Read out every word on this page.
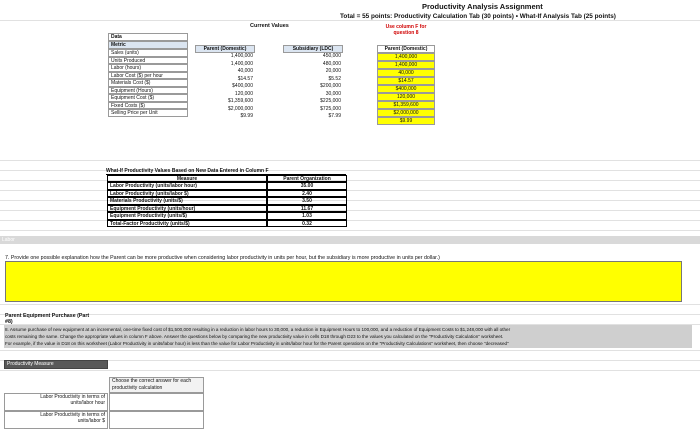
Productivity Analysis Assignment
Total = 55 points: Productivity Calculation Tab (30 points) • What-If Analysis Tab (25 points)
Current Values
Data
Metric
Parent (Domestic)	Subsidiary (LDC)
Sales (units)	1,400,000	450,000
Units Produced	1,400,000	480,000
Labor (hours)	40,000	20,000
Labor Cost ($) per hour	$14.57	$5.52
Materials Cost ($)	$400,000	$200,000
Equipment (Hours)	120,000	30,000
Equipment Cost ($)	$1,359,600	$225,000
Fixed Costs ($)	$2,000,000	$725,000
Selling Price per Unit	$9.99	$7.99
Use column F for
question 8
Parent (Domestic)
1,400,000
1,400,000
40,000
$14.57
$400,000
120,000
$1,359,600
$2,000,000
$9.99
What-If Productivity Values Based on New Data Entered in Column F
Measure	Parent Organization
Labor Productivity (units/labor hour)	35.00
Labor Productivity (units/labor $)	2.40
Materials Productivity (units/$)	3.50
Equipment Productivity (units/hour)	11.67
Equipment Productivity (units/$)	1.03
Total-Factor Productivity (units/$)	0.32
Labor
7. Provide one possible explanation how the Parent can be more productive when considering labor productivity in units per hour, but the subsidiary is more productive in units per dollar.)
Parent Equipment Purchase (Part
#8)
8. Assume purchase of new equipment at an incremental, one-time fixed cost of $1,500,000 resulting in a reduction in labor hours to 30,000, a reduction in Equipment Hours to 100,000, and a reduction of Equipment Costs to $1,248,000 with all other
costs remaining the same. Change the appropriate values in column F above. Answer the questions below by comparing the new productivity value in cells D18 through D23 to the values you calculated on the "Productivity Calculation" worksheet.
For example, if the value in D18 on this worksheet (Labor Productivity in units/labor hour) is less than the value for Labor Productivity in units/labor hour for the Parent operations on the "Productivity Calculations" worksheet, then choose "decreased"
Productivity Measure
Choose the correct answer for each productivity calculation
Labor Productivity in terms of
units/labor hour
Labor Productivity in terms of
units/labor $
